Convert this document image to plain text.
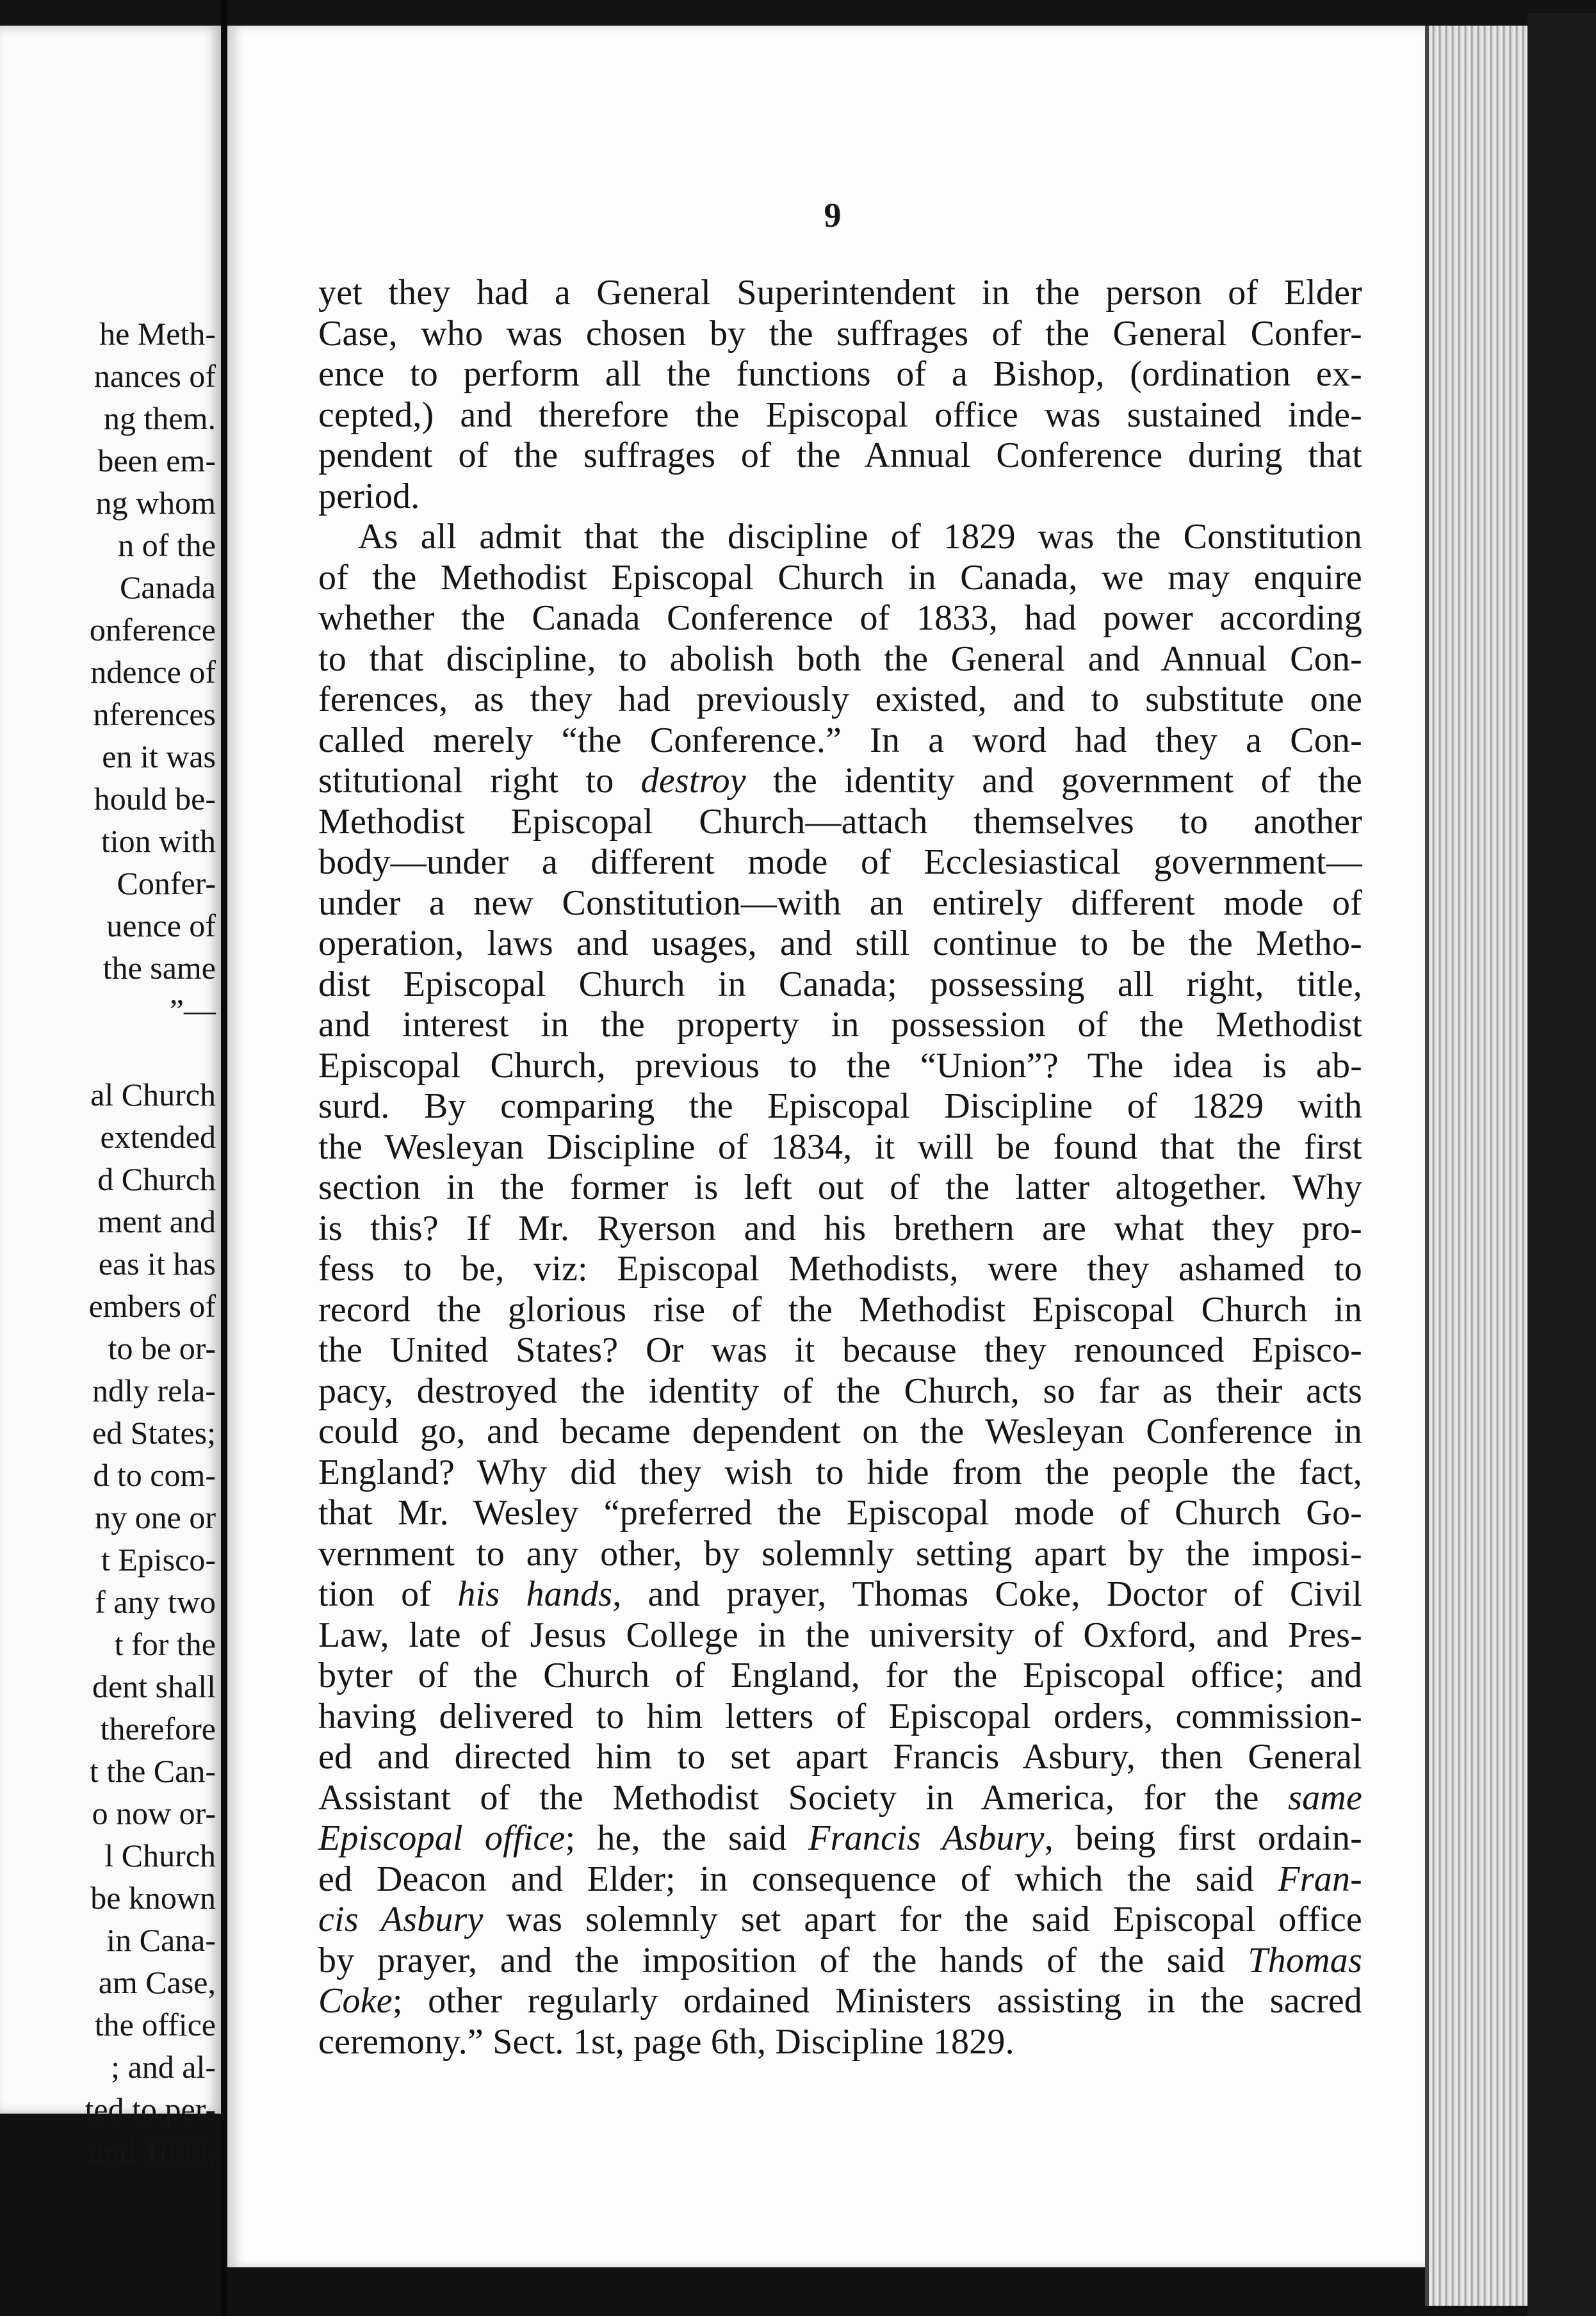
he Meth-
nances of
ng them.
been em-
ng whom
n of the
Canada
onference
ndence of
nferences
en it was
hould be-
tion with
Confer-
uence of
the same
”—
al Church
extended
d Church
ment and
eas it has
embers of
to be or-
ndly rela-
ed States;
d to com-
ny one or
t Episco-
f any two
t for the
dent shall
therefore
t the Can-
o now or-
l Church
be known
in Cana-
am Case,
the office
; and al-
ted to per-
and 1833,
9
yet they had a General Superintendent in the person of Elder
Case, who was chosen by the suffrages of the General Confer-
ence to perform all the functions of a Bishop, (ordination ex-
cepted,) and therefore the Episcopal office was sustained inde-
pendent of the suffrages of the Annual Conference during that
period.
As all admit that the discipline of 1829 was the Constitution
of the Methodist Episcopal Church in Canada, we may enquire
whether the Canada Conference of 1833, had power according
to that discipline, to abolish both the General and Annual Con-
ferences, as they had previously existed, and to substitute one
called merely “the Conference.” In a word had they a Con-
stitutional right to destroy the identity and government of the
Methodist Episcopal Church—attach themselves to another
body—under a different mode of Ecclesiastical government—
under a new Constitution—with an entirely different mode of
operation, laws and usages, and still continue to be the Metho-
dist Episcopal Church in Canada; possessing all right, title,
and interest in the property in possession of the Methodist
Episcopal Church, previous to the “Union”? The idea is ab-
surd. By comparing the Episcopal Discipline of 1829 with
the Wesleyan Discipline of 1834, it will be found that the first
section in the former is left out of the latter altogether. Why
is this? If Mr. Ryerson and his brethern are what they pro-
fess to be, viz: Episcopal Methodists, were they ashamed to
record the glorious rise of the Methodist Episcopal Church in
the United States? Or was it because they renounced Episco-
pacy, destroyed the identity of the Church, so far as their acts
could go, and became dependent on the Wesleyan Conference in
England? Why did they wish to hide from the people the fact,
that Mr. Wesley “preferred the Episcopal mode of Church Go-
vernment to any other, by solemnly setting apart by the imposi-
tion of his hands, and prayer, Thomas Coke, Doctor of Civil
Law, late of Jesus College in the university of Oxford, and Pres-
byter of the Church of England, for the Episcopal office; and
having delivered to him letters of Episcopal orders, commission-
ed and directed him to set apart Francis Asbury, then General
Assistant of the Methodist Society in America, for the same
Episcopal office; he, the said Francis Asbury, being first ordain-
ed Deacon and Elder; in consequence of which the said Fran-
cis Asbury was solemnly set apart for the said Episcopal office
by prayer, and the imposition of the hands of the said Thomas
Coke; other regularly ordained Ministers assisting in the sacred
ceremony.” Sect. 1st, page 6th, Discipline 1829.
